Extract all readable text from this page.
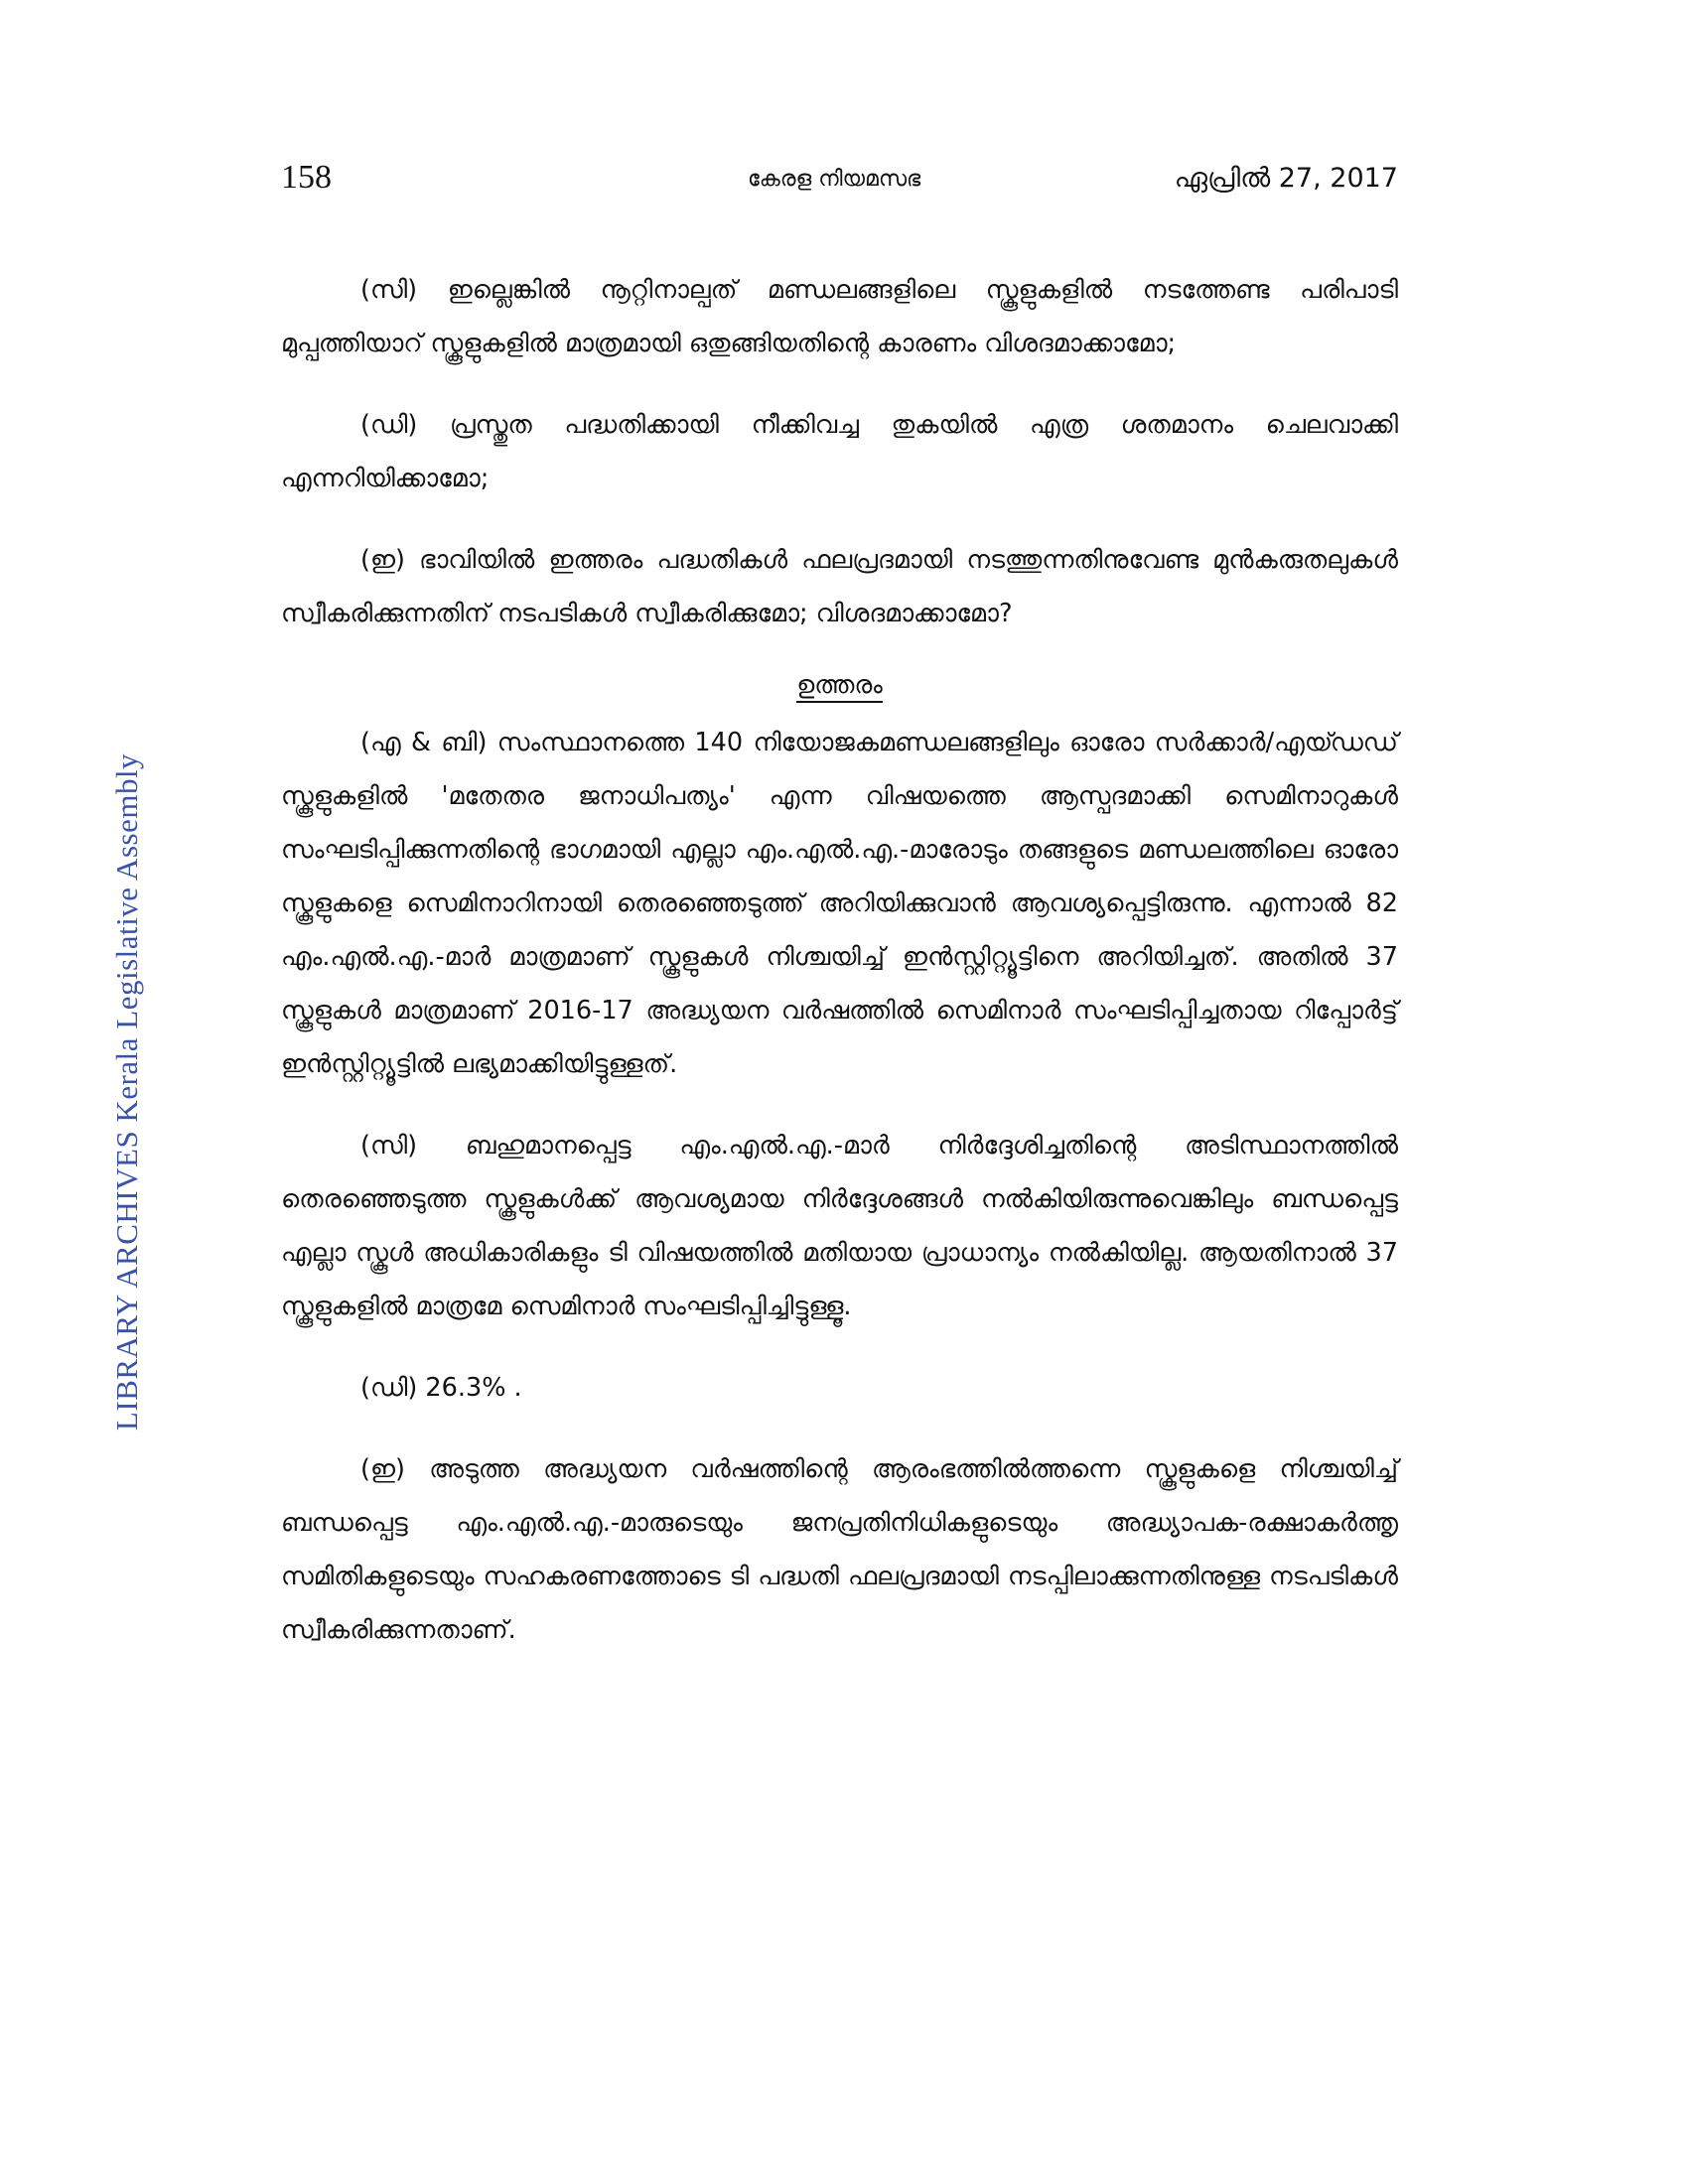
LIBRARY ARCHIVES Kerala Legislative Assembly
158	കേരള നിയമസഭ	ഏപ്രിൽ 27, 2017

(സി) ഇല്ലെങ്കിൽ നൂറ്റിനാല്പത് മണ്ഡലങ്ങളിലെ സ്കൂളുകളിൽ നടത്തേണ്ട പരിപാടി മുപ്പത്തിയാറ് സ്കൂളുകളിൽ മാത്രമായി ഒതുങ്ങിയതിന്റെ കാരണം വിശദമാക്കാമോ;

(ഡി) പ്രസ്തുത പദ്ധതിക്കായി നീക്കിവച്ച തുകയിൽ എത്ര ശതമാനം ചെലവാക്കി എന്നറിയിക്കാമോ;

(ഇ) ഭാവിയിൽ ഇത്തരം പദ്ധതികൾ ഫലപ്രദമായി നടത്തുന്നതിനുവേണ്ട മുൻകരുതലുകൾ സ്വീകരിക്കുന്നതിന് നടപടികൾ സ്വീകരിക്കുമോ; വിശദമാക്കാമോ?

ഉത്തരം

(എ & ബി) സംസ്ഥാനത്തെ 140 നിയോജകമണ്ഡലങ്ങളിലും ഓരോ സർക്കാർ/എയ്ഡഡ് സ്കൂളുകളിൽ 'മതേതര ജനാധിപത്യം' എന്ന വിഷയത്തെ ആസ്പദമാക്കി സെമിനാറുകൾ സംഘടിപ്പിക്കുന്നതിന്റെ ഭാഗമായി എല്ലാ എം.എൽ.എ.-മാരോടും തങ്ങളുടെ മണ്ഡലത്തിലെ ഓരോ സ്കൂളുകളെ സെമിനാറിനായി തെരഞ്ഞെടുത്ത് അറിയിക്കുവാൻ ആവശ്യപ്പെട്ടിരുന്നു. എന്നാൽ 82 എം.എൽ.എ.-മാർ മാത്രമാണ് സ്കൂളുകൾ നിശ്ചയിച്ച് ഇൻസ്റ്റിറ്റ്യൂട്ടിനെ അറിയിച്ചത്. അതിൽ 37 സ്കൂളുകൾ മാത്രമാണ് 2016-17 അദ്ധ്യയന വർഷത്തിൽ സെമിനാർ സംഘടിപ്പിച്ചതായ റിപ്പോർട്ട് ഇൻസ്റ്റിറ്റ്യൂട്ടിൽ ലഭ്യമാക്കിയിട്ടുള്ളത്.

(സി) ബഹുമാനപ്പെട്ട എം.എൽ.എ.-മാർ നിർദ്ദേശിച്ചതിന്റെ അടിസ്ഥാനത്തിൽ തെരഞ്ഞെടുത്ത സ്കൂളുകൾക്ക് ആവശ്യമായ നിർദ്ദേശങ്ങൾ നൽകിയിരുന്നുവെങ്കിലും ബന്ധപ്പെട്ട എല്ലാ സ്കൂൾ അധികാരികളും ടി വിഷയത്തിൽ മതിയായ പ്രാധാന്യം നൽകിയില്ല. ആയതിനാൽ 37 സ്കൂളുകളിൽ മാത്രമേ സെമിനാർ സംഘടിപ്പിച്ചിട്ടുള്ളൂ.

(ഡി) 26.3% .

(ഇ) അടുത്ത അദ്ധ്യയന വർഷത്തിന്റെ ആരംഭത്തിൽത്തന്നെ സ്കൂളുകളെ നിശ്ചയിച്ച് ബന്ധപ്പെട്ട എം.എൽ.എ.-മാരുടെയും ജനപ്രതിനിധികളുടെയും അദ്ധ്യാപക-രക്ഷാകർത്തൃ സമിതികളുടെയും സഹകരണത്തോടെ ടി പദ്ധതി ഫലപ്രദമായി നടപ്പിലാക്കുന്നതിനുള്ള നടപടികൾ സ്വീകരിക്കുന്നതാണ്.
